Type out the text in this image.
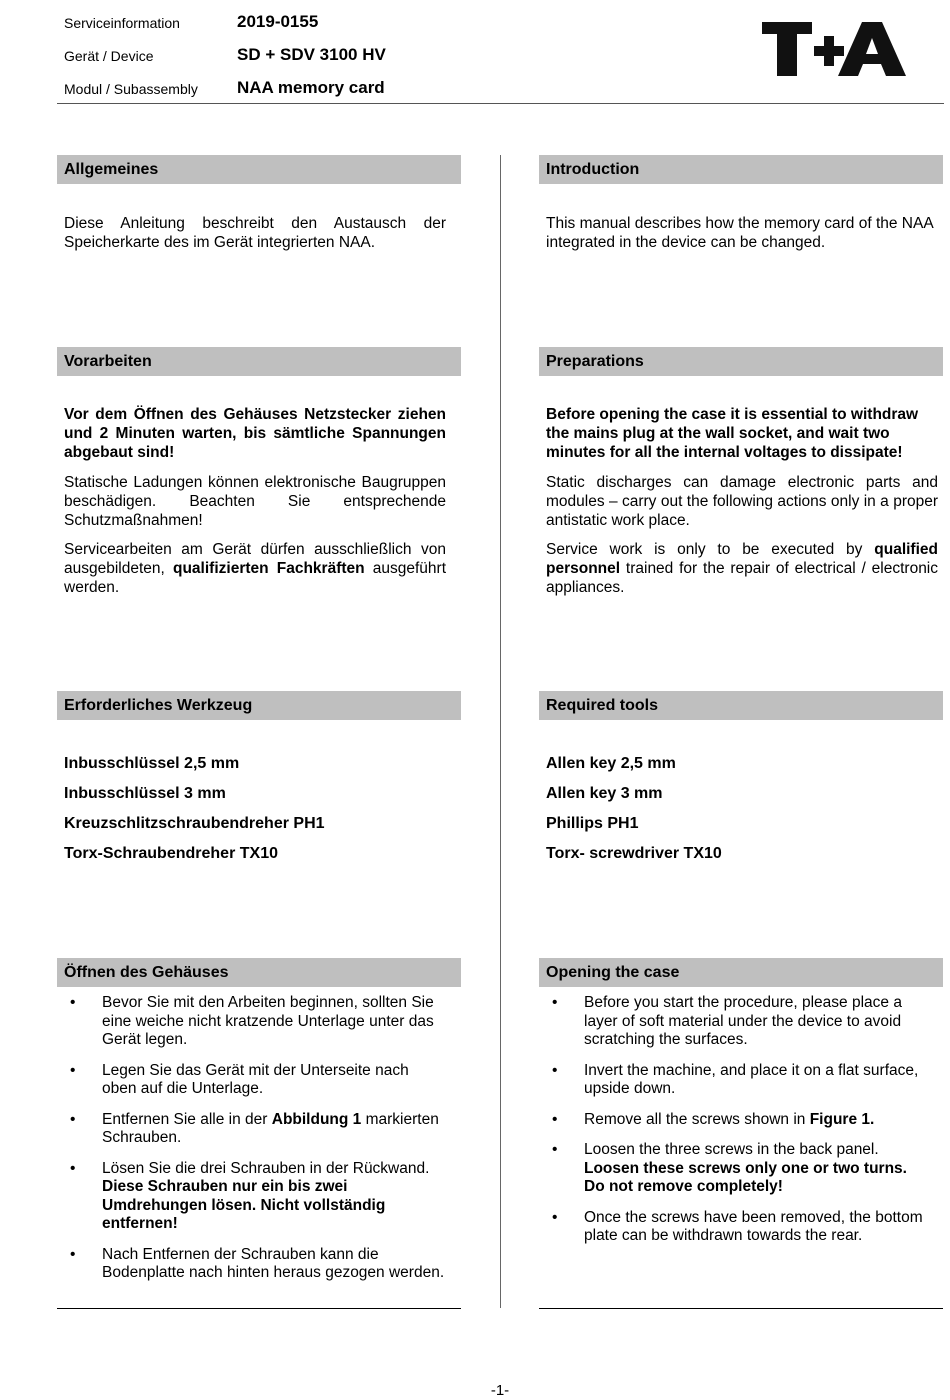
Serviceinformation
Gerät / Device
Modul / Subassembly
2019-0155
SD + SDV 3100 HV
NAA memory card
Allgemeines

Diese Anleitung beschreibt den Austausch der Speicherkarte des im Gerät integrierten NAA.

Vorarbeiten

Vor dem Öffnen des Gehäuses Netzstecker ziehen und 2 Minuten warten, bis sämtliche Spannungen abgebaut sind!

Statische Ladungen können elektronische Baugruppen beschädigen. Beachten Sie entsprechende Schutzmaßnahmen!

Servicearbeiten am Gerät dürfen ausschließlich von ausgebildeten, qualifizierten Fachkräften ausgeführt werden.

Erforderliches Werkzeug
Inbusschlüssel 2,5 mm
Inbusschlüssel 3 mm
Kreuzschlitzschraubendreher PH1
Torx-Schraubendreher TX10
Öffnen des Gehäuses
• Bevor Sie mit den Arbeiten beginnen, sollten Sie eine weiche nicht kratzende Unterlage unter das Gerät legen.
• Legen Sie das Gerät mit der Unterseite nach oben auf die Unterlage.
• Entfernen Sie alle in der Abbildung 1 markierten Schrauben.
• Lösen Sie die drei Schrauben in der Rückwand. Diese Schrauben nur ein bis zwei Umdrehungen lösen. Nicht vollständig entfernen!
• Nach Entfernen der Schrauben kann die Bodenplatte nach hinten heraus gezogen werden.
Introduction

This manual describes how the memory card of the NAA integrated in the device can be changed.

Preparations

Before opening the case it is essential to withdraw the mains plug at the wall socket, and wait two minutes for all the internal voltages to dissipate!

Static discharges can damage electronic parts and modules – carry out the following actions only in a proper antistatic work place.

Service work is only to be executed by qualified personnel trained for the repair of electrical / electronic appliances.

Required tools
Allen key 2,5 mm
Allen key 3 mm
Phillips PH1
Torx- screwdriver TX10
Opening the case
• Before you start the procedure, please place a layer of soft material under the device to avoid scratching the surfaces.
• Invert the machine, and place it on a flat surface, upside down.
• Remove all the screws shown in Figure 1.
• Loosen the three screws in the back panel. Loosen these screws only one or two turns. Do not remove completely!
• Once the screws have been removed, the bottom plate can be withdrawn towards the rear.
-1-
